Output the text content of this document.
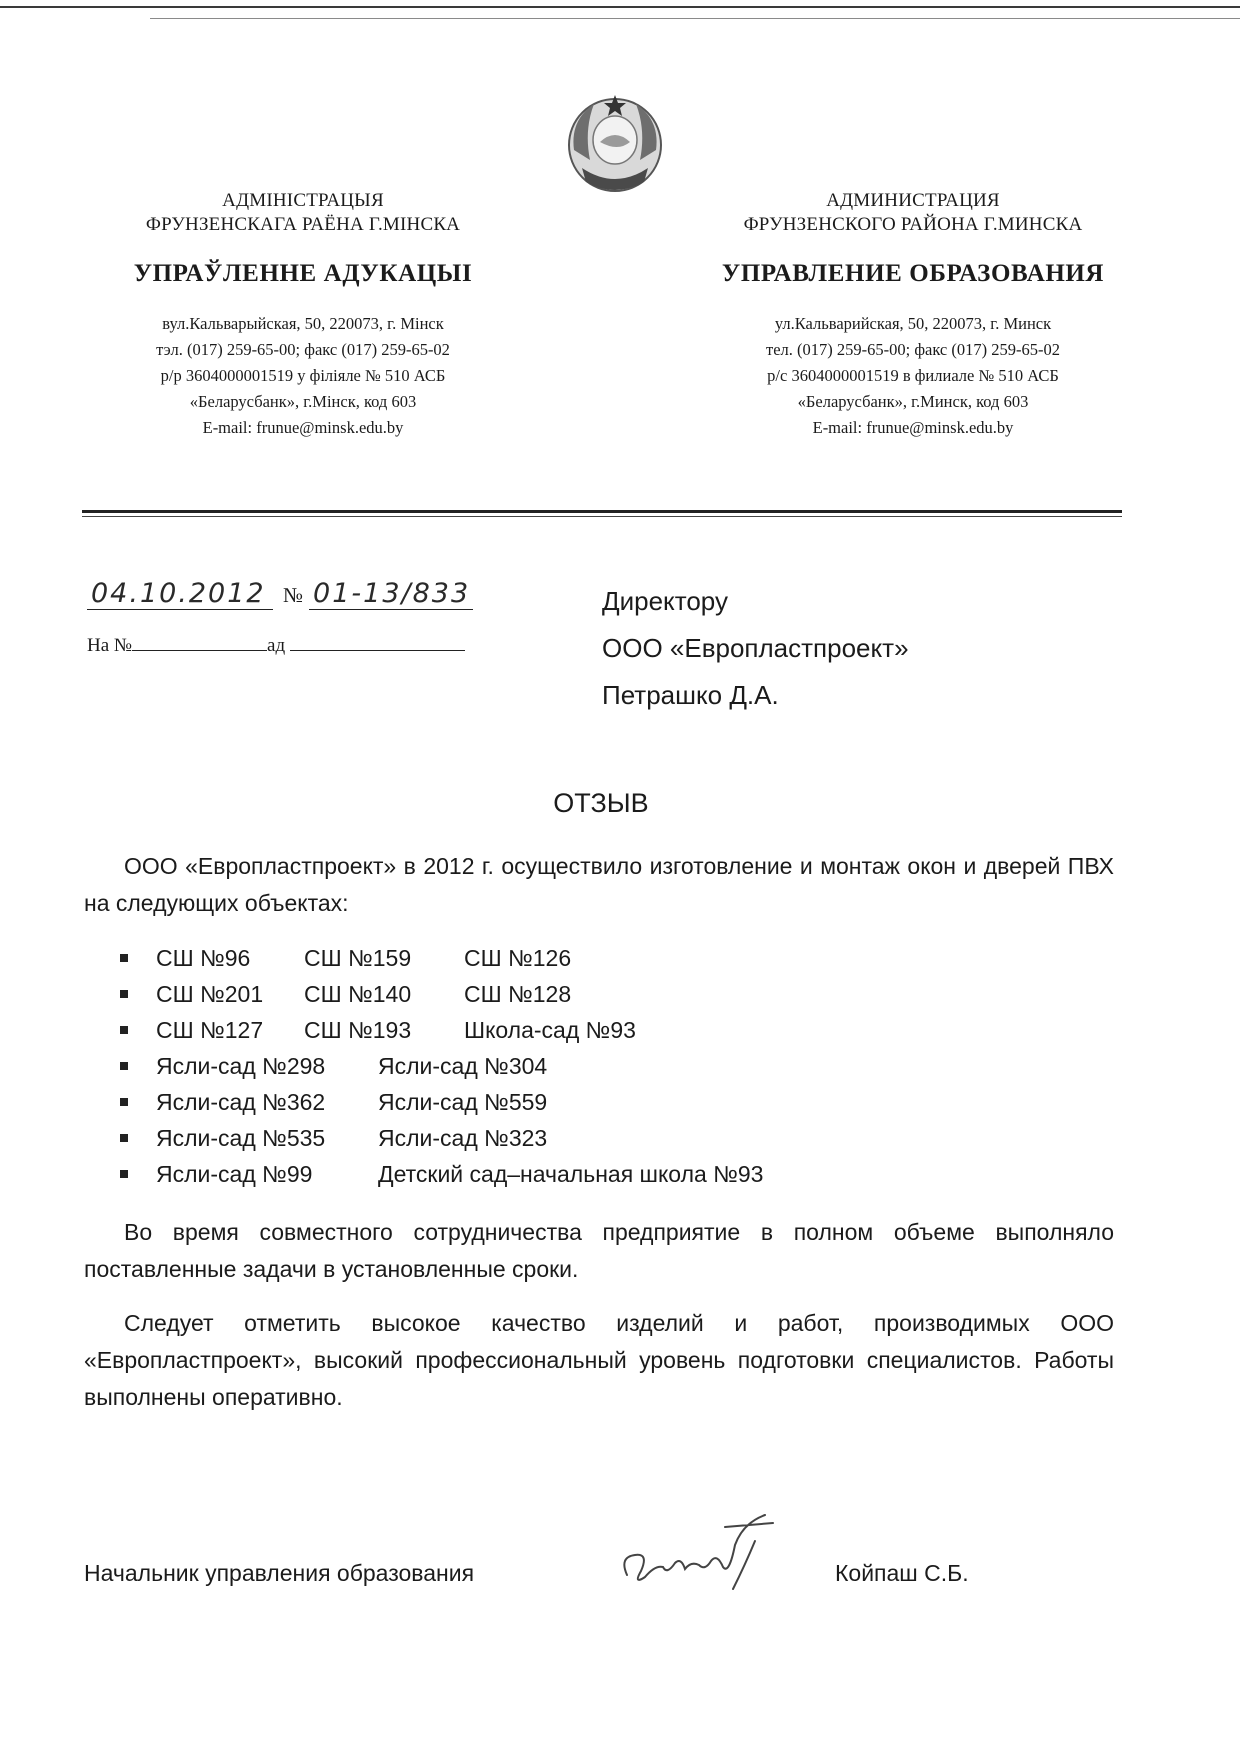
АДМІНІСТРАЦЫЯ
ФРУНЗЕНСКАГА РАЁНА Г.МІНСКА
УПРАЎЛЕННЕ АДУКАЦЫІ
вул.Кальварыйская, 50, 220073, г. Мінск
тэл. (017) 259-65-00; факс (017) 259-65-02
р/р 3604000001519 у філіяле № 510 АСБ
«Беларусбанк», г.Мінск, код 603
E-mail: frunue@minsk.edu.by
АДМИНИСТРАЦИЯ
ФРУНЗЕНСКОГО РАЙОНА Г.МИНСКА
УПРАВЛЕНИЕ ОБРАЗОВАНИЯ
ул.Кальварийская, 50, 220073, г. Минск
тел. (017) 259-65-00; факс (017) 259-65-02
р/с 3604000001519 в филиале № 510 АСБ
«Беларусбанк», г.Минск, код 603
E-mail: frunue@minsk.edu.by
04.10.2012 № 01-13/833
На №	ад
Директору
ООО «Европластпроект»
Петрашко Д.А.
ОТЗЫВ
ООО «Европластпроект» в 2012 г. осуществило изготовление и монтаж окон и дверей ПВХ на следующих объектах:
СШ №96	СШ №159	СШ №126
СШ №201	СШ №140	СШ №128
СШ №127	СШ №193	Школа-сад №93
Ясли-сад №298	Ясли-сад №304
Ясли-сад №362	Ясли-сад №559
Ясли-сад №535	Ясли-сад №323
Ясли-сад №99	Детский сад–начальная школа №93
Во время совместного сотрудничества предприятие в полном объеме выполняло поставленные задачи в установленные сроки.
Следует отметить высокое качество изделий и работ, производимых ООО «Европластпроект», высокий профессиональный уровень подготовки специалистов. Работы выполнены оперативно.
Начальник управления образования	Койпаш С.Б.
